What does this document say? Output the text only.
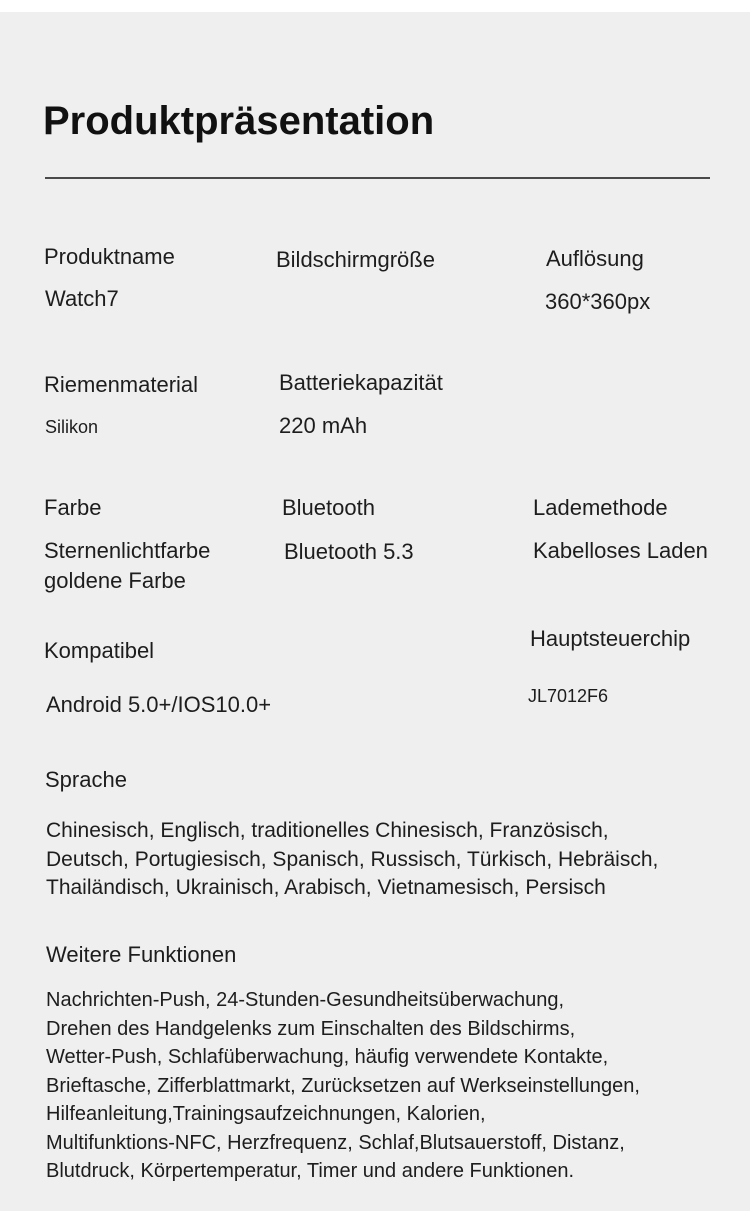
Produktpräsentation
Produktname
Watch7
Bildschirmgröße	Auflösung
360*360px
Riemenmaterial
Silikon
Batteriekapazität
220 mAh
Farbe
Sternenlichtfarbe
goldene Farbe
Bluetooth
Bluetooth 5.3
Lademethode
Kabelloses Laden
Kompatibel
Android 5.0+/IOS10.0+
Hauptsteuerchip
JL7012F6
Sprache
Chinesisch, Englisch, traditionelles Chinesisch, Französisch,
Deutsch, Portugiesisch, Spanisch, Russisch, Türkisch, Hebräisch,
Thailändisch, Ukrainisch, Arabisch, Vietnamesisch, Persisch
Weitere Funktionen
Nachrichten-Push, 24-Stunden-Gesundheitsüberwachung,
Drehen des Handgelenks zum Einschalten des Bildschirms,
Wetter-Push, Schlafüberwachung, häufig verwendete Kontakte,
Brieftasche, Zifferblattmarkt, Zurücksetzen auf Werkseinstellungen,
Hilfeanleitung,Trainingsaufzeichnungen, Kalorien,
Multifunktions-NFC, Herzfrequenz, Schlaf,Blutsauerstoff, Distanz,
Blutdruck, Körpertemperatur, Timer und andere Funktionen.
